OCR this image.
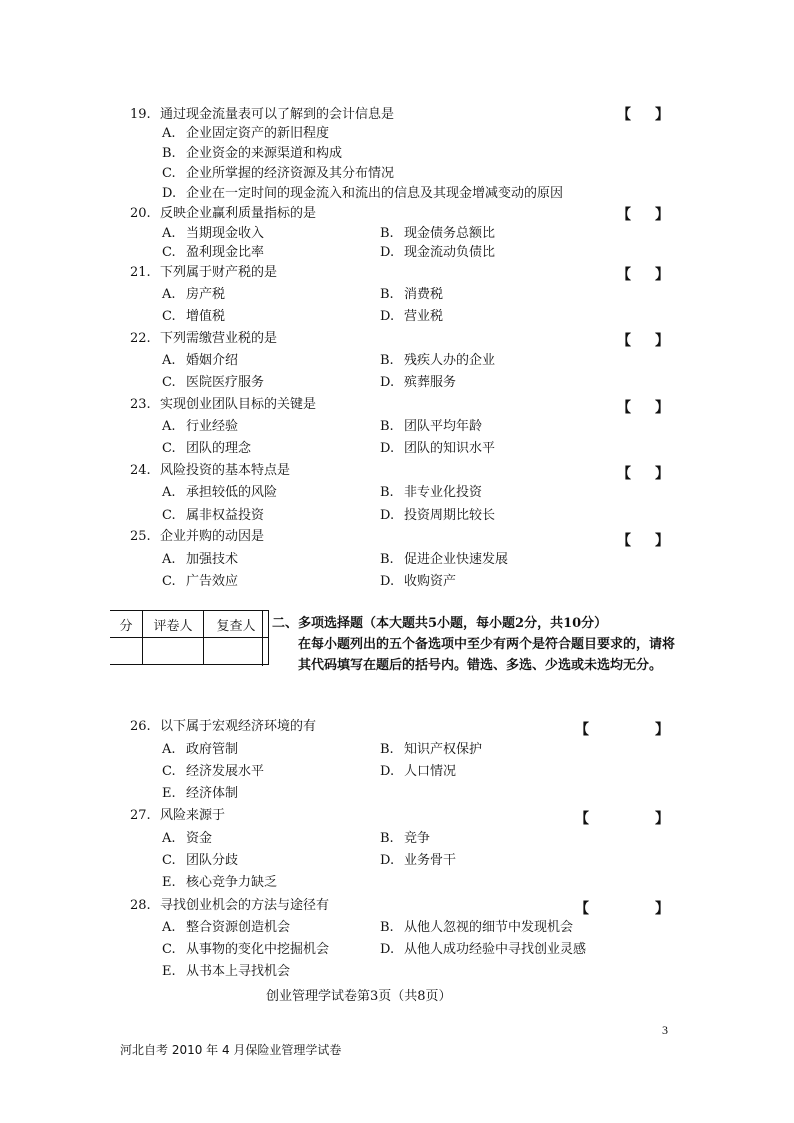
19. 通过现金流量表可以了解到的会计信息是	【 】
A. 企业固定资产的新旧程度
B. 企业资金的来源渠道和构成
C. 企业所掌握的经济资源及其分布情况
D. 企业在一定时间的现金流入和流出的信息及其现金增减变动的原因
20. 反映企业赢利质量指标的是	【 】
A. 当期现金收入	B. 现金债务总额比
C. 盈利现金比率	D. 现金流动负债比
21. 下列属于财产税的是	【 】
A. 房产税	B. 消费税
C. 增值税	D. 营业税
22. 下列需缴营业税的是	【 】
A. 婚姻介绍	B. 残疾人办的企业
C. 医院医疗服务	D. 殡葬服务
23. 实现创业团队目标的关键是	【 】
A. 行业经验	B. 团队平均年龄
C. 团队的理念	D. 团队的知识水平
24. 风险投资的基本特点是	【 】
A. 承担较低的风险	B. 非专业化投资
C. 属非权益投资	D. 投资周期比较长
25. 企业并购的动因是	【 】
A. 加强技术	B. 促进企业快速发展
C. 广告效应	D. 收购资产
分	评卷人	复查人
		二、多项选择题（本大题共5小题，每小题2分，共10分）
在每小题列出的五个备选项中至少有两个是符合题目要求的，请将其代码填写在题后的括号内。错选、多选、少选或未选均无分。
26. 以下属于宏观经济环境的有	【	】
A. 政府管制	B. 知识产权保护
C. 经济发展水平	D. 人口情况
E. 经济体制
27. 风险来源于	【	】
A. 资金	B. 竞争
C. 团队分歧	D. 业务骨干
E. 核心竞争力缺乏
28. 寻找创业机会的方法与途径有	【	】
A. 整合资源创造机会	B. 从他人忽视的细节中发现机会
C. 从事物的变化中挖掘机会	D. 从他人成功经验中寻找创业灵感
E. 从书本上寻找机会
创业管理学试卷第3页（共8页）
3
河北自考 2010 年 4 月保险业管理学试卷
